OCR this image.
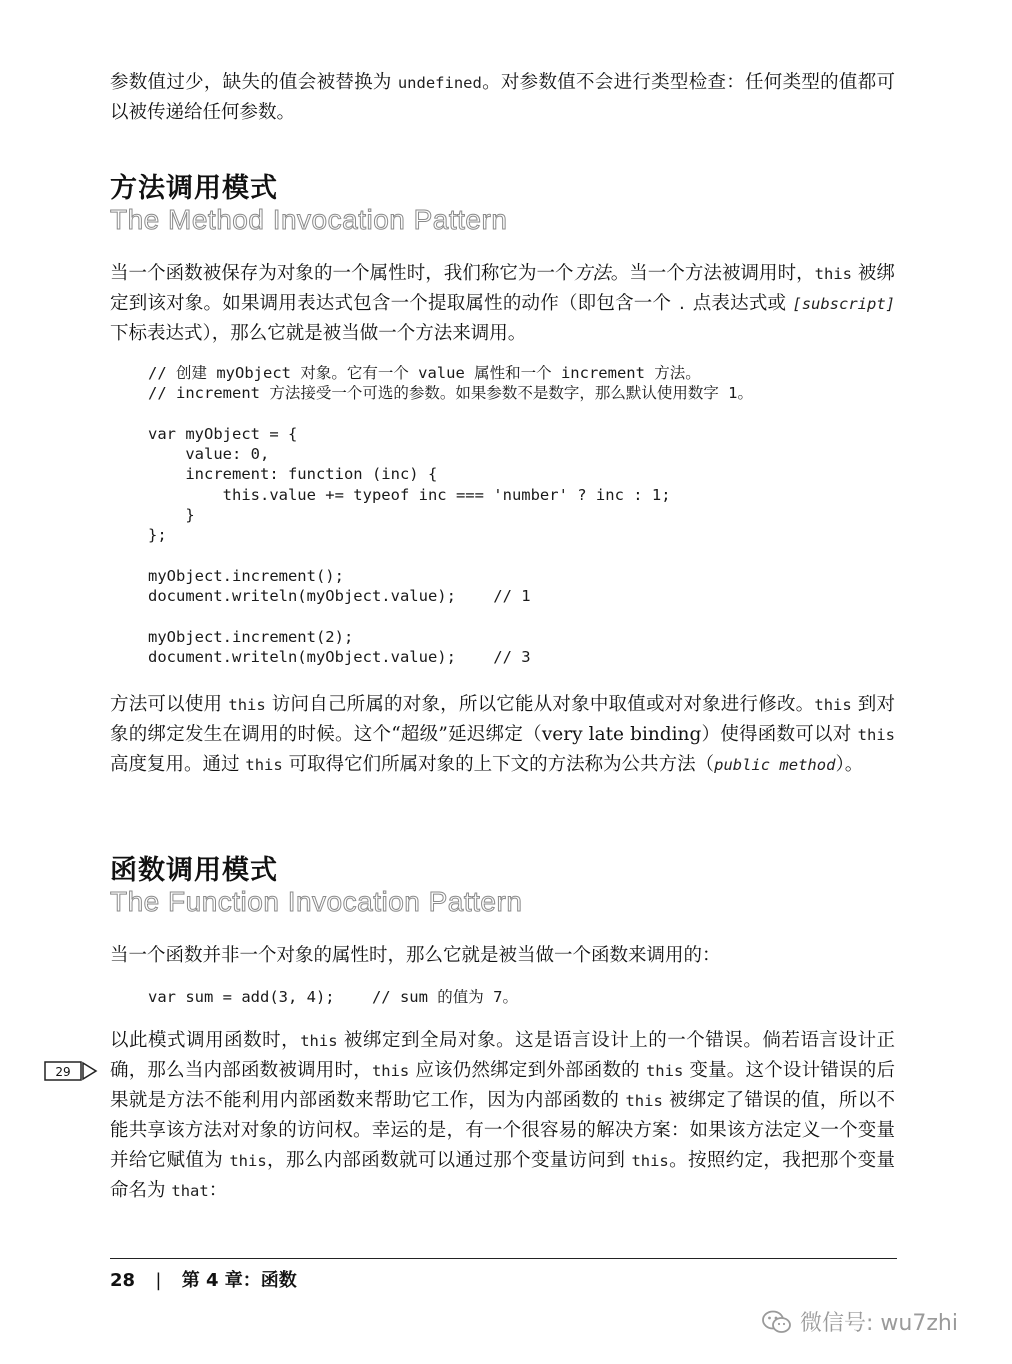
参数值过少，缺失的值会被替换为 undefined。对参数值不会进行类型检查：任何类型的值都可以被传递给任何参数。
方法调用模式
The Method Invocation Pattern
当一个函数被保存为对象的一个属性时，我们称它为一个方法。当一个方法被调用时，this 被绑定到该对象。如果调用表达式包含一个提取属性的动作（即包含一个 . 点表达式或 [subscript]下标表达式），那么它就是被当做一个方法来调用。
// 创建 myObject 对象。它有一个 value 属性和一个 increment 方法。
// increment 方法接受一个可选的参数。如果参数不是数字，那么默认使用数字 1。

var myObject = {
value: 0,
increment: function (inc) {
this.value += typeof inc === 'number' ? inc : 1;
}
};

myObject.increment();
document.writeln(myObject.value);    // 1

myObject.increment(2);
document.writeln(myObject.value);    // 3
方法可以使用 this 访问自己所属的对象，所以它能从对象中取值或对对象进行修改。this 到对象的绑定发生在调用的时候。这个“超级”延迟绑定（very late binding）使得函数可以对 this 高度复用。通过 this 可取得它们所属对象的上下文的方法称为公共方法（public method）。
函数调用模式
The Function Invocation Pattern
当一个函数并非一个对象的属性时，那么它就是被当做一个函数来调用的：
var sum = add(3, 4);    // sum 的值为 7。
29
以此模式调用函数时，this 被绑定到全局对象。这是语言设计上的一个错误。倘若语言设计正确，那么当内部函数被调用时，this 应该仍然绑定到外部函数的 this 变量。这个设计错误的后果就是方法不能利用内部函数来帮助它工作，因为内部函数的 this 被绑定了错误的值，所以不能共享该方法对对象的访问权。幸运的是，有一个很容易的解决方案：如果该方法定义一个变量并给它赋值为 this，那么内部函数就可以通过那个变量访问到 this。按照约定，我把那个变量命名为 that：
28 | 第 4 章：函数
微信号: wu7zhi
